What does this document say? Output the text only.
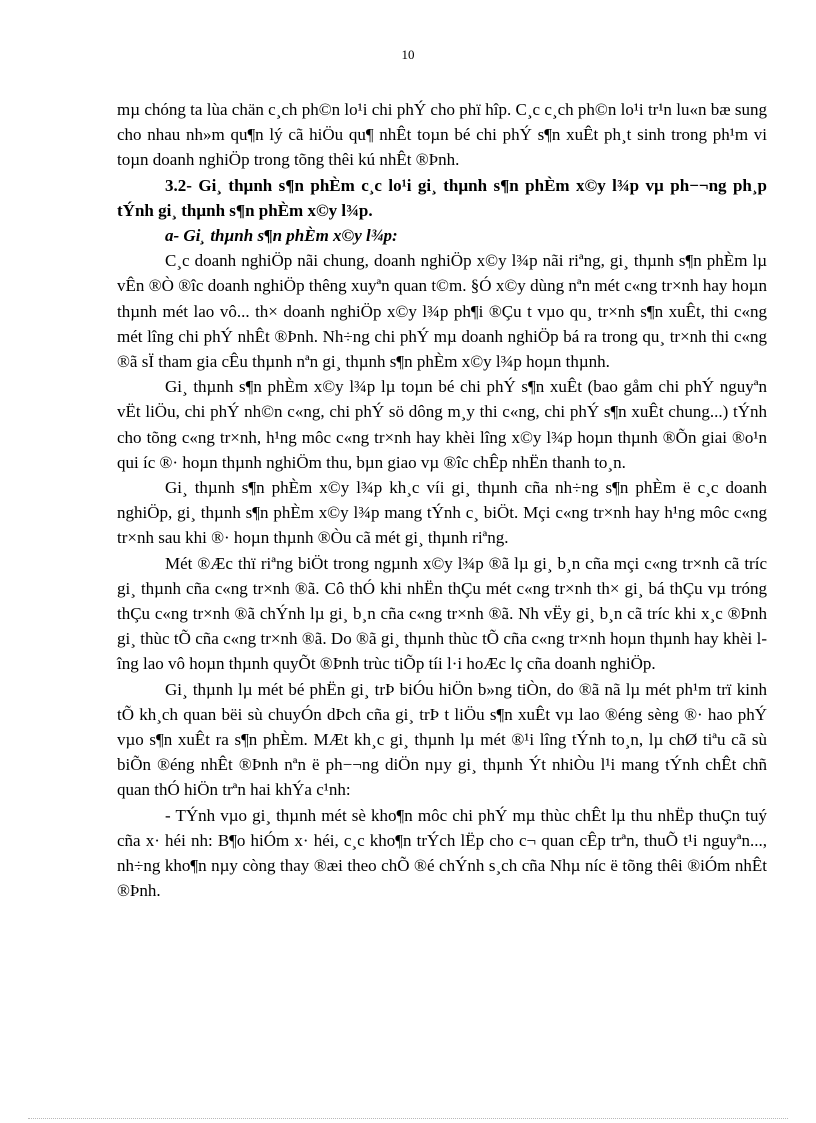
10

mµ chóng ta lùa chän c¸ch ph©n lo¹i chi phÝ cho phï hîp. C¸c c¸ch ph©n lo¹i tr¹n lu«n bæ sung cho nhau nh»m qu¶n lý cã hiÖu qu¶ nhÊt toµn bé chi phÝ s¶n xuÊt ph¸t sinh trong ph¹m vi toµn doanh nghiÖp trong tõng thêi kú nhÊt ®Þnh.

3.2- Gi¸ thµnh s¶n phÈm c¸c lo¹i gi¸ thµnh s¶n phÈm x©y l¾p vµ ph−¬ng ph¸p tÝnh gi¸ thµnh s¶n phÈm x©y l¾p.

a- Gi¸ thµnh s¶n phÈm x©y l¾p:

C¸c doanh nghiÖp nãi chung, doanh nghiÖp x©y l¾p nãi riªng, gi¸ thµnh s¶n phÈm lµ vÊn ®Ò ®îc doanh nghiÖp thêng xuyªn quan t©m. §Ó x©y dùng nªn mét c«ng tr×nh hay hoµn thµnh mét lao vô... th× doanh nghiÖp x©y l¾p ph¶i ®Çu t vµo qu¸ tr×nh s¶n xuÊt, thi c«ng mét lîng chi phÝ nhÊt ®Þnh. Nh÷ng chi phÝ mµ doanh nghiÖp bá ra trong qu¸ tr×nh thi c«ng ®ã sÏ tham gia cÊu thµnh nªn gi¸ thµnh s¶n phÈm x©y l¾p hoµn thµnh.

Gi¸ thµnh s¶n phÈm x©y l¾p lµ toµn bé chi phÝ s¶n xuÊt (bao gåm chi phÝ nguyªn vËt liÖu, chi phÝ nh©n c«ng, chi phÝ sö dông m¸y thi c«ng, chi phÝ s¶n xuÊt chung...) tÝnh cho tõng c«ng tr×nh, h¹ng môc c«ng tr×nh hay khèi lîng x©y l¾p hoµn thµnh ®Õn giai ®o¹n qui íc ®· hoµn thµnh nghiÖm thu, bµn giao vµ ®îc chÊp nhËn thanh to¸n.

Gi¸ thµnh s¶n phÈm x©y l¾p kh¸c víi gi¸ thµnh cña nh÷ng s¶n phÈm ë c¸c doanh nghiÖp, gi¸ thµnh s¶n phÈm x©y l¾p mang tÝnh c¸ biÖt. Mçi c«ng tr×nh hay h¹ng môc c«ng tr×nh sau khi ®· hoµn thµnh ®Òu cã mét gi¸ thµnh riªng.

Mét ®Æc thï riªng biÖt trong ngµnh x©y l¾p ®ã lµ gi¸ b¸n cña mçi c«ng tr×nh cã tríc gi¸ thµnh cña c«ng tr×nh ®ã. Cô thÓ khi nhËn thÇu mét c«ng tr×nh th× gi¸ bá thÇu vµ tróng thÇu c«ng tr×nh ®ã chÝnh lµ gi¸ b¸n cña c«ng tr×nh ®ã. Nh vËy gi¸ b¸n cã tríc khi x¸c ®Þnh gi¸ thùc tÕ cña c«ng tr×nh ®ã. Do ®ã gi¸ thµnh thùc tÕ cña c«ng tr×nh hoµn thµnh hay khèi lîng lao vô hoµn thµnh quyÕt ®Þnh trùc tiÕp tíi l·i hoÆc lç cña doanh nghiÖp.

Gi¸ thµnh lµ mét bé phËn gi¸ trÞ biÓu hiÖn b»ng tiÒn, do ®ã nã lµ mét ph¹m trï kinh tÕ kh¸ch quan bëi sù chuyÓn dÞch cña gi¸ trÞ t liÖu s¶n xuÊt vµ lao ®éng sèng ®· hao phÝ vµo s¶n xuÊt ra s¶n phÈm. MÆt kh¸c gi¸ thµnh lµ mét ®¹i lîng tÝnh to¸n, lµ chØ tiªu cã sù biÕn ®éng nhÊt ®Þnh nªn ë ph−¬ng diÖn nµy gi¸ thµnh Ýt nhiÒu l¹i mang tÝnh chÊt chñ quan thÓ hiÖn trªn hai khÝa c¹nh:

- TÝnh vµo gi¸ thµnh mét sè kho¶n môc chi phÝ mµ thùc chÊt lµ thu nhËp thuÇn tuý cña x· héi nh: B¶o hiÓm x· héi, c¸c kho¶n trÝch lËp cho c¬ quan cÊp trªn, thuÕ t¹i nguyªn..., nh÷ng kho¶n nµy còng thay ®æi theo chÕ ®é chÝnh s¸ch cña Nhµ níc ë tõng thêi ®iÓm nhÊt ®Þnh.
